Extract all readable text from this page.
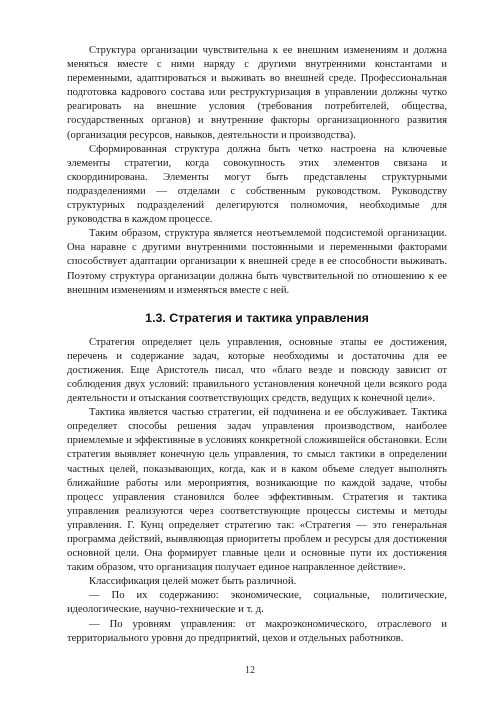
Структура организации чувствительна к ее внешним изменениям и должна меняться вместе с ними наряду с другими внутренними константами и переменными, адаптироваться и выживать во внешней среде. Профессиональная подготовка кадрового состава или реструктуризация в управлении должны чутко реагировать на внешние условия (требования потребителей, общества, государственных органов) и внутренние факторы организационного развития (организация ресурсов, навыков, деятельности и производства).

Сформированная структура должна быть четко настроена на ключевые элементы стратегии, когда совокупность этих элементов связана и скоординирована. Элементы могут быть представлены структурными подразделениями — отделами с собственным руководством. Руководству структурных подразделений делегируются полномочия, необходимые для руководства в каждом процессе.

Таким образом, структура является неотъемлемой подсистемой организации. Она наравне с другими внутренними постоянными и переменными факторами способствует адаптации организации к внешней среде в ее способности выживать. Поэтому структура организации должна быть чувствительной по отношению к ее внешним изменениям и изменяться вместе с ней.

1.3. Стратегия и тактика управления

Стратегия определяет цель управления, основные этапы ее достижения, перечень и содержание задач, которые необходимы и достаточны для ее достижения. Еще Аристотель писал, что «благо везде и повсюду зависит от соблюдения двух условий: правильного установления конечной цели всякого рода деятельности и отыскания соответствующих средств, ведущих к конечной цели».

Тактика является частью стратегии, ей подчинена и ее обслуживает. Тактика определяет способы решения задач управления производством, наиболее приемлемые и эффективные в условиях конкретной сложившейся обстановки. Если стратегия выявляет конечную цель управления, то смысл тактики в определении частных целей, показывающих, когда, как и в каком объеме следует выполнять ближайшие работы или мероприятия, возникающие по каждой задаче, чтобы процесс управления становился более эффективным. Стратегия и тактика управления реализуются через соответствующие процессы системы и методы управления. Г. Кунц определяет стратегию так: «Стратегия — это генеральная программа действий, выявляющая приоритеты проблем и ресурсы для достижения основной цели. Она формирует главные цели и основные пути их достижения таким образом, что организация получает единое направленное действие».

Классификация целей может быть различной.

— По их содержанию: экономические, социальные, политические, идеологические, научно-технические и т. д.

— По уровням управления: от макроэкономического, отраслевого и территориального уровня до предприятий, цехов и отдельных работников.

12
